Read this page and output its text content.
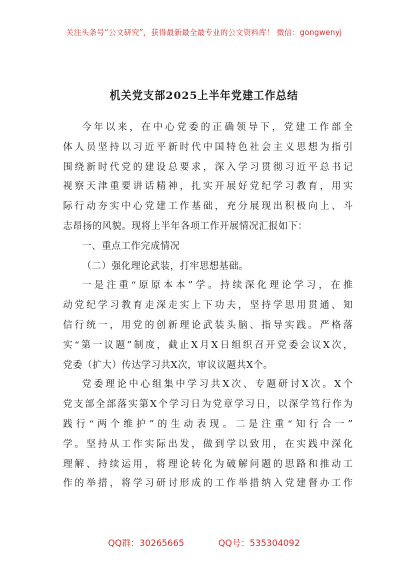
关注头条号“公文研究”，获得最新最全最专业的公文资料库！ 微信：gongwenyj
机关党支部2025上半年党建工作总结
今年以来，在中心党委的正确领导下，党建工作部全
体人员坚持以习近平新时代中国特色社会主义思想为指引
围绕新时代党的建设总要求，深入学习贯彻习近平总书记
视察天津重要讲话精神，扎实开展好党纪学习教育，用实
际行动夯实中心党建工作基础，充分展现出积极向上、斗
志昂扬的风貌。现将上半年各项工作开展情况汇报如下：
一、重点工作完成情况
（二）强化理论武装，打牢思想基础。
一是注重“原原本本”学。持续深化理论学习，在推
动党纪学习教育走深走实上下功夫，坚持学思用贯通、知
信行统一，用党的创新理论武装头脑、指导实践。严格落
实“第一议题”制度，截止X月X日组织召开党委会议X次，
党委（扩大）传达学习共X次，审议议题共X个。
党委理论中心组集中学习共X次、专题研讨X次。X个
党支部全部落实第X个学习日为党章学习日，以深学笃行作为
践行“两个维护”的生动表现。二是注重“知行合一”
学。坚持从工作实际出发，做到学以致用，在实践中深化
理解、持续运用，将理论转化为破解问题的思路和推动工
作的举措，将学习研讨形成的工作举措纳入党建督办工作
QQ群：30265665	QQ号：535304092
